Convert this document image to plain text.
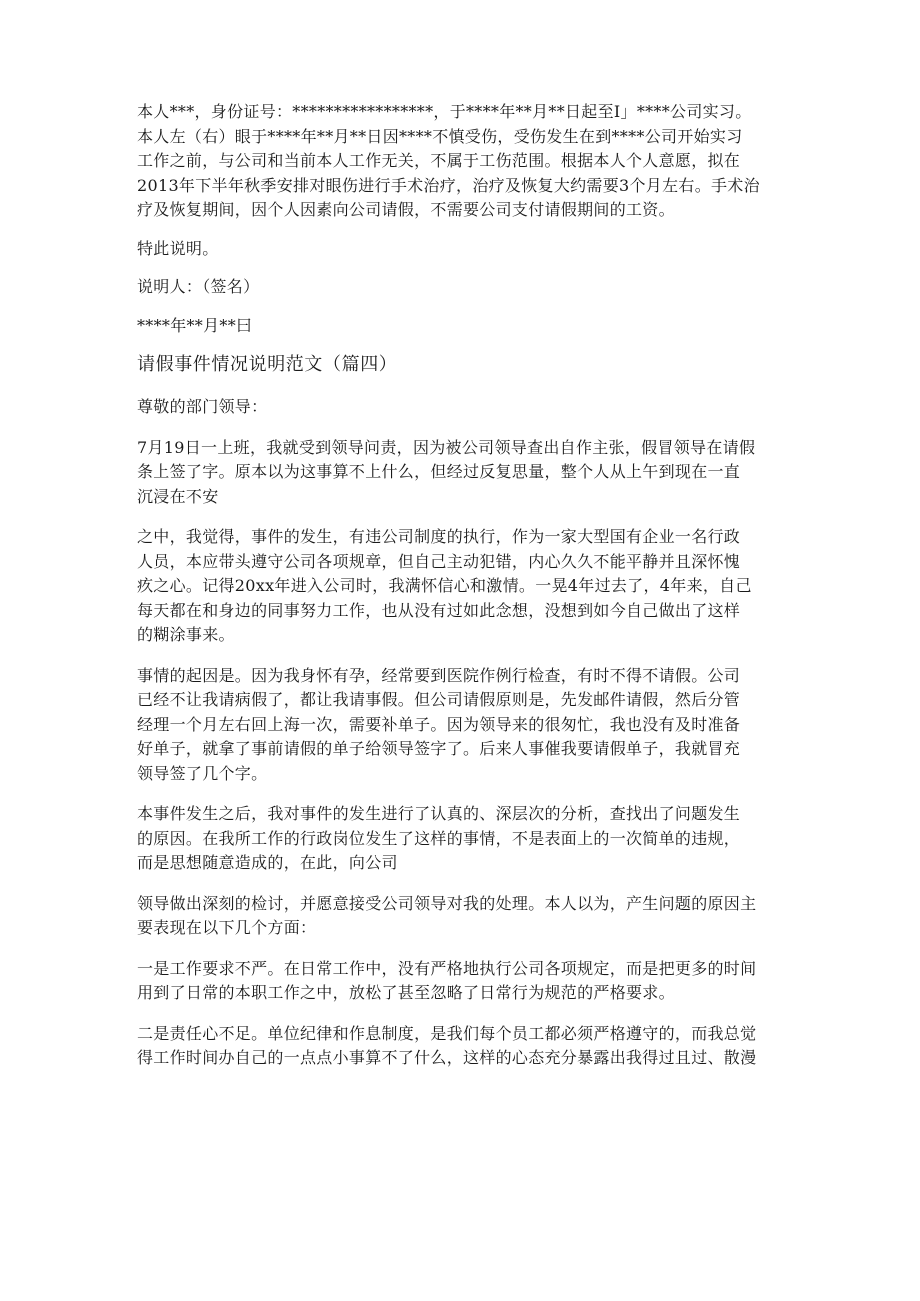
本人***，身份证号：*****************，于****年**月**日起至I」****公司实习。
本人左（右）眼于****年**月**日因****不慎受伤，受伤发生在到****公司开始实习
工作之前，与公司和当前本人工作无关，不属于工伤范围。根据本人个人意愿，拟在
2013年下半年秋季安排对眼伤进行手术治疗，治疗及恢复大约需要3个月左右。手术治
疗及恢复期间，因个人因素向公司请假，不需要公司支付请假期间的工资。
特此说明。
说明人：（签名）
****年**月**曰
请假事件情况说明范文（篇四）
尊敬的部门领导：
7月19日一上班，我就受到领导问责，因为被公司领导查出自作主张，假冒领导在请假
条上签了字。原本以为这事算不上什么，但经过反复思量，整个人从上午到现在一直
沉浸在不安
之中，我觉得，事件的发生，有违公司制度的执行，作为一家大型国有企业一名行政
人员，本应带头遵守公司各项规章，但自己主动犯错，内心久久不能平静并且深怀愧
疚之心。记得20xx年进入公司时，我满怀信心和激情。一晃4年过去了，4年来，自己
每天都在和身边的同事努力工作，也从没有过如此念想，没想到如今自己做出了这样
的糊涂事来。
事情的起因是。因为我身怀有孕，经常要到医院作例行检查，有时不得不请假。公司
已经不让我请病假了，都让我请事假。但公司请假原则是，先发邮件请假，然后分管
经理一个月左右回上海一次，需要补单子。因为领导来的很匆忙，我也没有及时准备
好单子，就拿了事前请假的单子给领导签字了。后来人事催我要请假单子，我就冒充
领导签了几个字。
本事件发生之后，我对事件的发生进行了认真的、深层次的分析，查找出了问题发生
的原因。在我所工作的行政岗位发生了这样的事情，不是表面上的一次简单的违规，
而是思想随意造成的，在此，向公司
领导做出深刻的检讨，并愿意接受公司领导对我的处理。本人以为，产生问题的原因主
要表现在以下几个方面：
一是工作要求不严。在日常工作中，没有严格地执行公司各项规定，而是把更多的时间
用到了日常的本职工作之中，放松了甚至忽略了日常行为规范的严格要求。
二是责任心不足。单位纪律和作息制度，是我们每个员工都必须严格遵守的，而我总觉
得工作时间办自己的一点点小事算不了什么，这样的心态充分暴露出我得过且过、散漫
